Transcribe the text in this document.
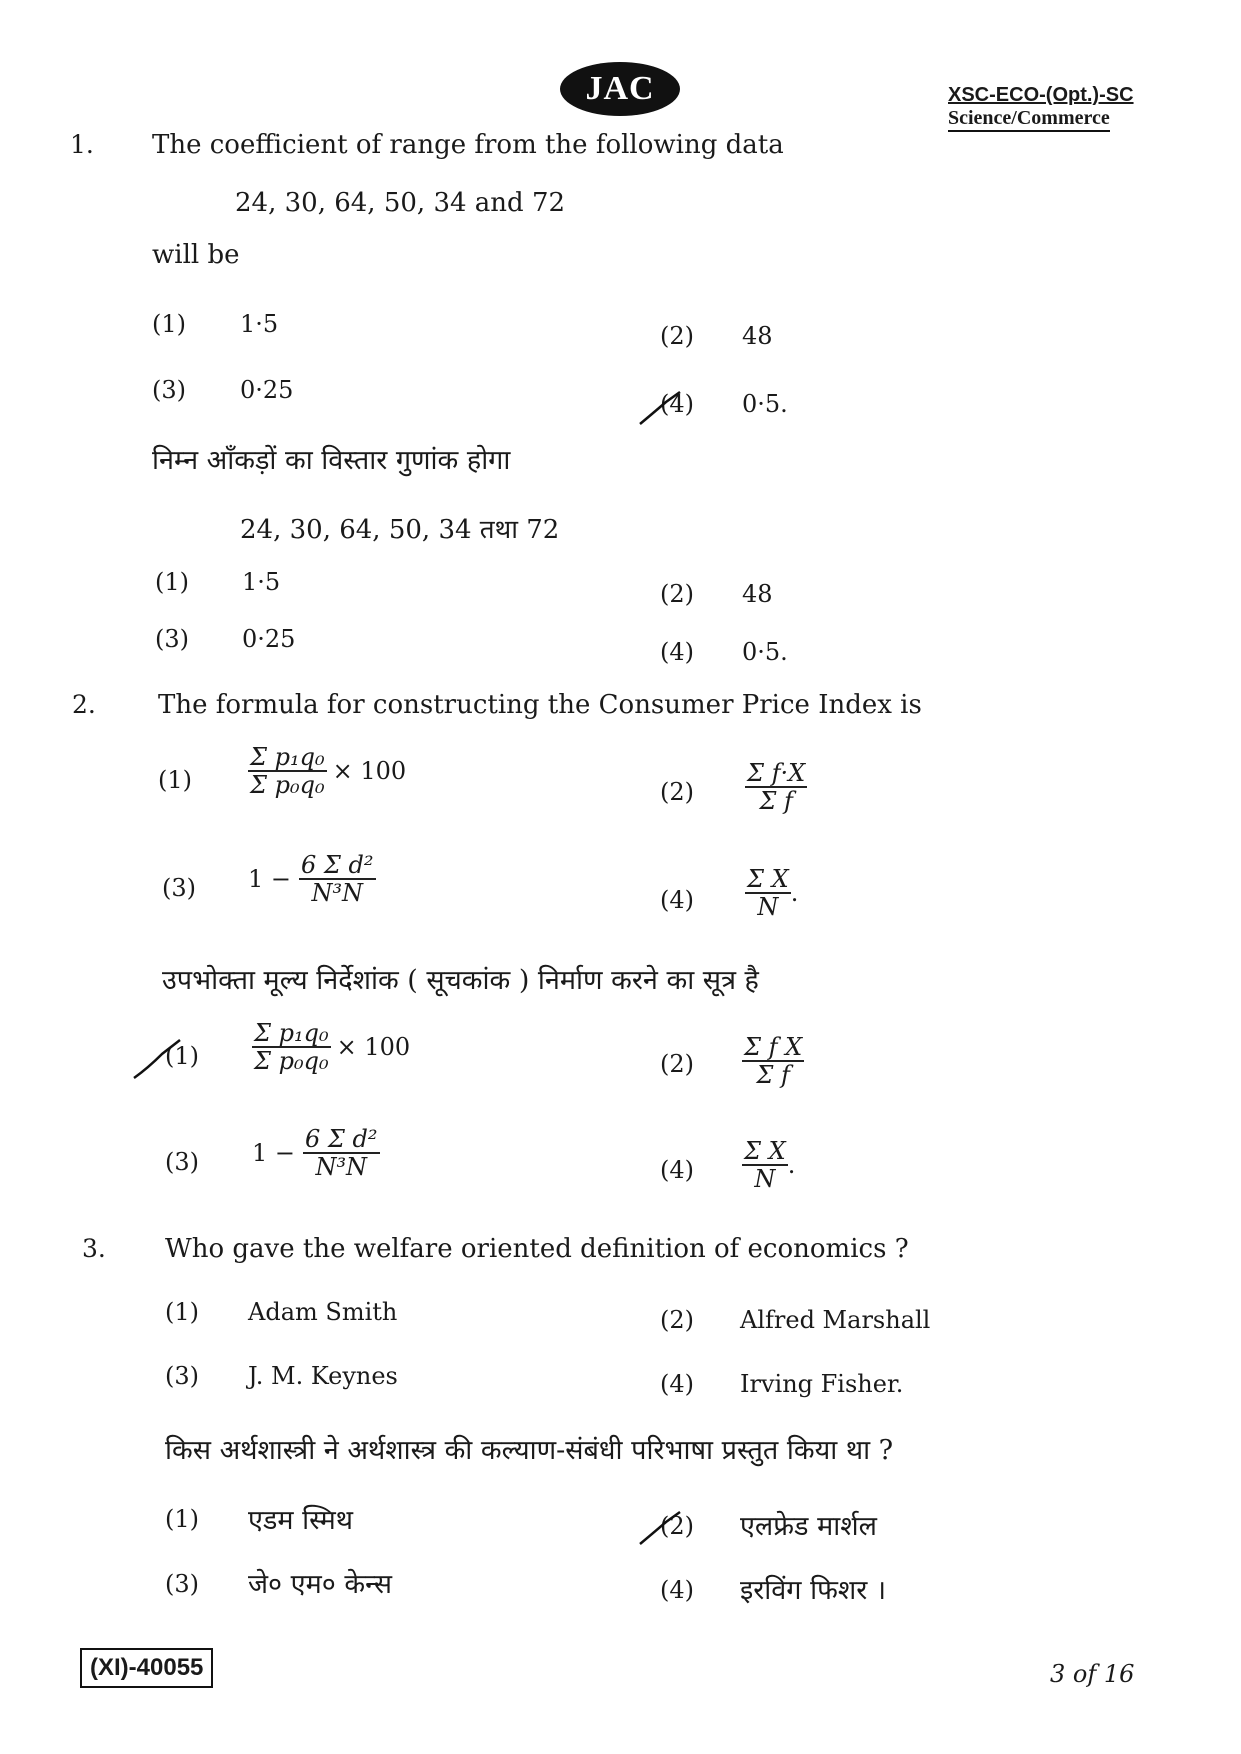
JAC	XSC-ECO-(Opt.)-SC
Science/Commerce
1. The coefficient of range from the following data
24, 30, 64, 50, 34 and 72
will be
(1) 1·5	(2) 48
(3) 0·25	(4) 0·5.
निम्न आँकड़ों का विस्तार गुणांक होगा
24, 30, 64, 50, 34 तथा 72
(1) 1·5	(2) 48
(3) 0·25	(4) 0·5.
2. The formula for constructing the Consumer Price Index is
$(1) \frac{\text{Σ p₁q₀}}{\text{Σ p₀q₀}} \times 100$
$(2) \frac{\text{Σ f·X}}{\text{Σ f}}$
(3) $1 - \frac{\text{6 Σ d²}}{\text{N³N}}$	$(4) \frac{\text{Σ X}}{N}$ .
उपभोक्ता मूल्य निर्देशांक ( सूचकांक ) निर्माण करने का सूत्र है
$(1) \frac{\text{Σ p₁q₀}}{\text{Σ p₀q₀}} \times 100$
$(2) \frac{\text{Σ f X}}{\text{Σ f}}$
(3) $1 - \frac{\text{6 Σ d²}}{\text{N³N}}$	$(4) \frac{\text{Σ X}}{N}$ .
3. Who gave the welfare oriented definition of economics ?
(1) Adam Smith	(2) Alfred Marshall
(3) J. M. Keynes	(4) Irving Fisher.
किस अर्थशास्त्री ने अर्थशास्त्र की कल्याण-संबंधी परिभाषा प्रस्तुत किया था ?
(1) एडम स्मिथ	(2) एलफ्रेड मार्शल
(3) जे० एम० केन्स	(4) इरविंग फिशर ।
(XI)-40055	3 of 16
